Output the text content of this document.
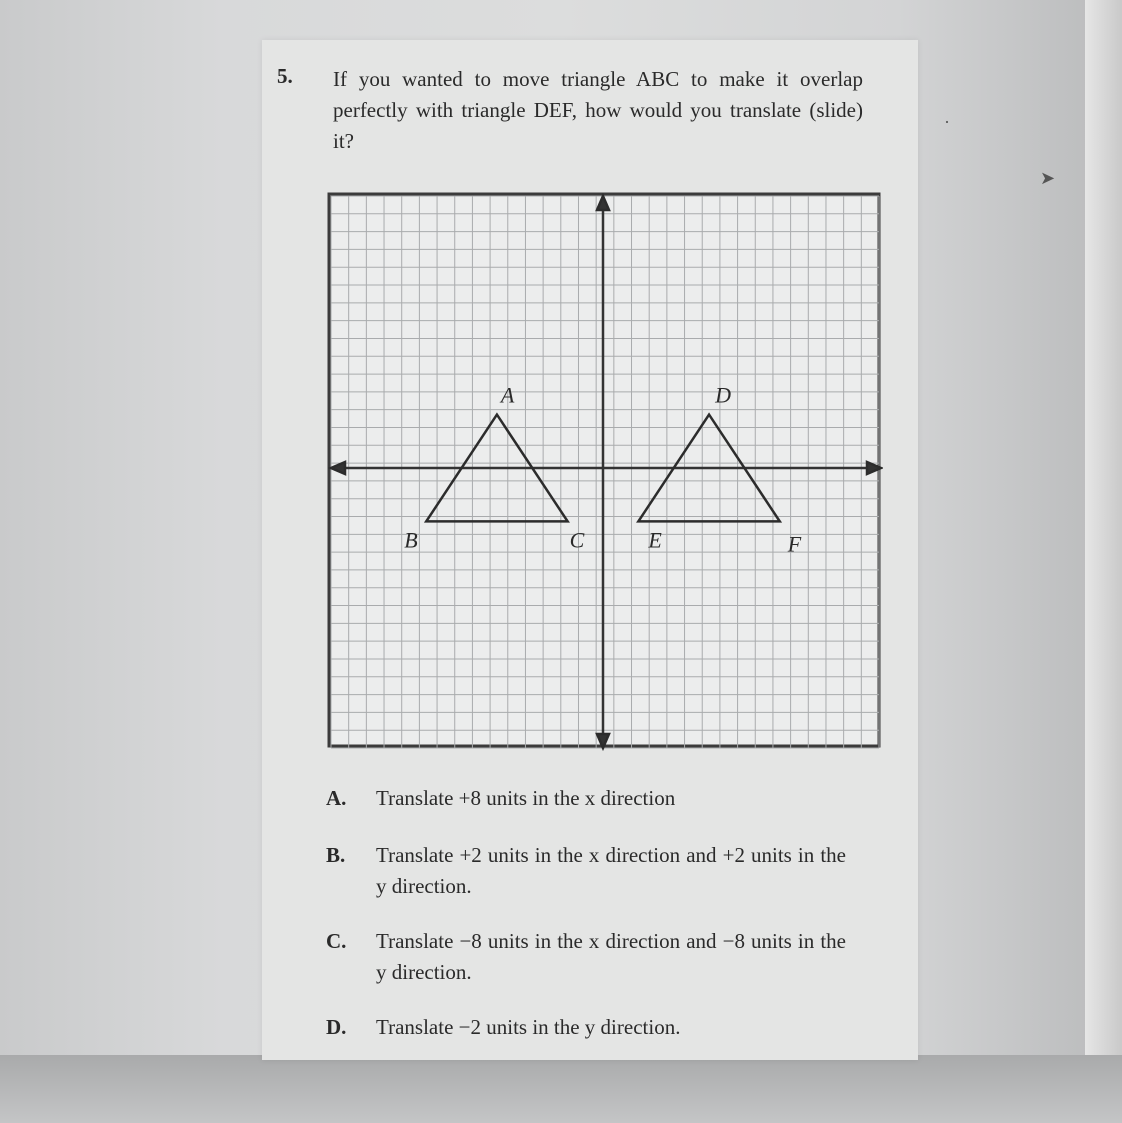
5. If you wanted to move triangle ABC to make it overlap perfectly with triangle DEF, how would you translate (slide) it?
A
B	C
D
E	F
A. Translate +8 units in the x direction
B. Translate +2 units in the x direction and +2 units in the y direction.
C. Translate −8 units in the x direction and −8 units in the y direction.
D. Translate −2 units in the y direction.
·
➤
